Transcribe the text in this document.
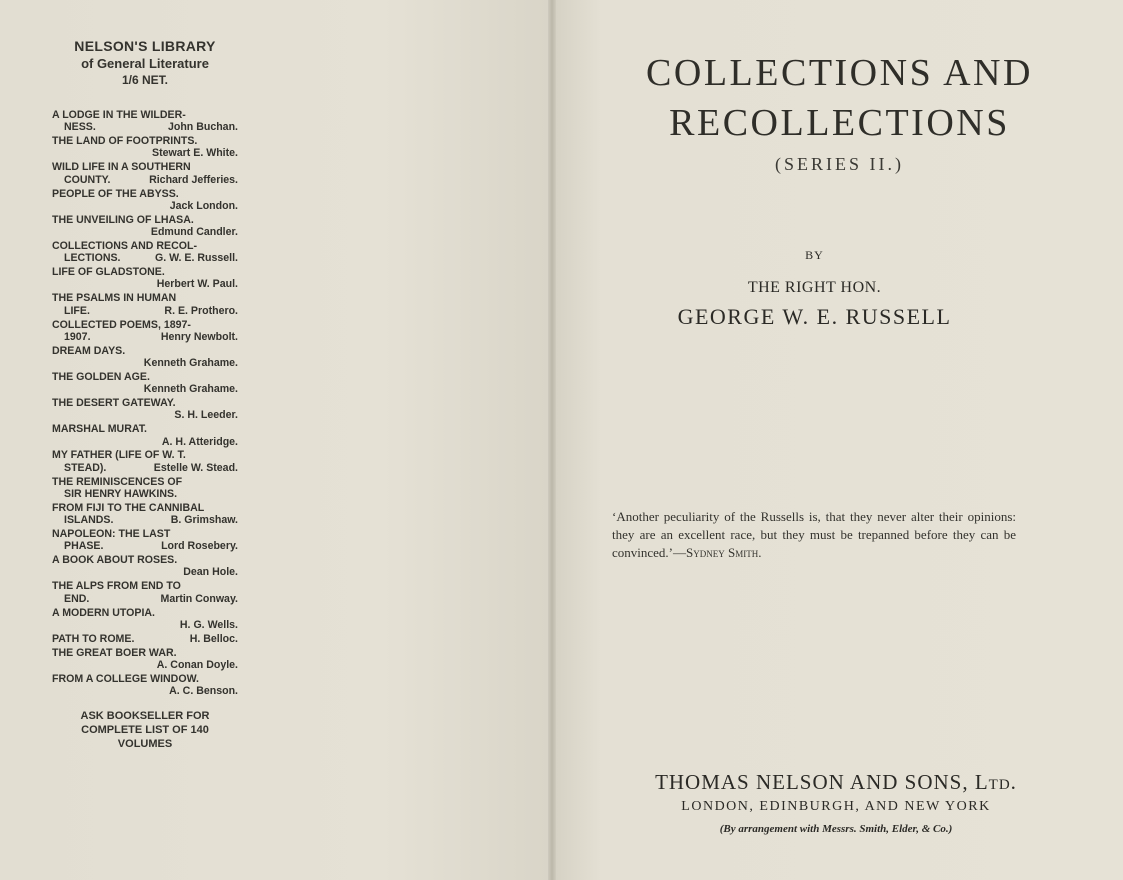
NELSON'S LIBRARY
of General Literature
1/6 NET.
A LODGE IN THE WILDER-
NESS.	John Buchan.
THE LAND OF FOOTPRINTS.
Stewart E. White.
WILD LIFE IN A SOUTHERN
COUNTY.	Richard Jefferies.
PEOPLE OF THE ABYSS.
Jack London.
THE UNVEILING OF LHASA.
Edmund Candler.
COLLECTIONS AND RECOL-
LECTIONS.	G. W. E. Russell.
LIFE OF GLADSTONE.
Herbert W. Paul.
THE PSALMS IN HUMAN
LIFE.	R. E. Prothero.
COLLECTED POEMS, 1897-
1907.	Henry Newbolt.
DREAM DAYS.
Kenneth Grahame.
THE GOLDEN AGE.
Kenneth Grahame.
THE DESERT GATEWAY.
S. H. Leeder.
MARSHAL MURAT.
A. H. Atteridge.
MY FATHER (LIFE OF W. T.
STEAD).	Estelle W. Stead.
THE REMINISCENCES OF
SIR HENRY HAWKINS.
FROM FIJI TO THE CANNIBAL
ISLANDS.	B. Grimshaw.
NAPOLEON: THE LAST
PHASE.	Lord Rosebery.
A BOOK ABOUT ROSES.
Dean Hole.
THE ALPS FROM END TO
END.	Martin Conway.
A MODERN UTOPIA.
H. G. Wells.
PATH TO ROME.	H. Belloc.
THE GREAT BOER WAR.
A. Conan Doyle.
FROM A COLLEGE WINDOW.
A. C. Benson.
ASK BOOKSELLER FOR
COMPLETE LIST OF 140
VOLUMES
COLLECTIONS AND
RECOLLECTIONS
(SERIES II.)
BY
THE RIGHT HON.
GEORGE W. E. RUSSELL
‘Another peculiarity of the Russells is, that they never alter their opinions: they are an excellent race, but they must be trepanned before they can be convinced.’—Sydney Smith.
THOMAS NELSON AND SONS, Ltd.
LONDON, EDINBURGH, AND NEW YORK
(By arrangement with Messrs. Smith, Elder, & Co.)
